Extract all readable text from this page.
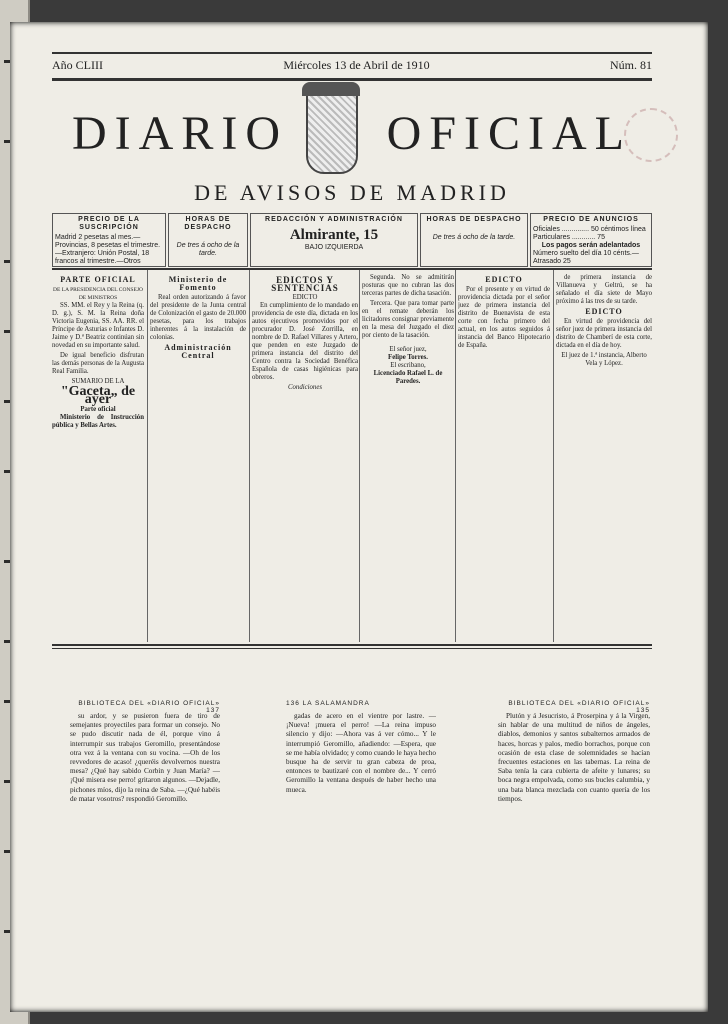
Año CLIII	Miércoles 13 de Abril de 1910	Núm. 81
DIARIO OFICIAL
DE AVISOS DE MADRID
PRECIO DE LA SUSCRIPCIÓN
Madrid 2 pesetas al mes.—Provincias, 8 pesetas el trimestre.—Extranjero: Unión Postal, 18 francos al trimestre.—Otros
HORAS DE DESPACHO
De tres á ocho de la tarde.
REDACCIÓN Y ADMINISTRACIÓN
Almirante, 15
BAJO IZQUIERDA
HORAS DE DESPACHO
De tres á ocho de la tarde.
PRECIO DE ANUNCIOS
Oficiales .............. 50 céntimos línea
Particulares ............ 75
Los pagos serán adelantados
Número suelto del día 10 cénts.—Atrasado 25
PARTE OFICIAL
DE LA PRESIDENCIA DEL CONSEJO DE MINISTROS

SS. MM. el Rey y la Reina (q. D. g.), S. M. la Reina doña Victoria Eugenia, SS. AA. RR. el Príncipe de Asturias e Infantes D. Jaime y D.ª Beatriz continúan sin novedad en su importante salud.

De igual beneficio disfrutan las demás personas de la Augusta Real Familia.

SUMARIO DE LA
"Gaceta„ de ayer
Parte oficial

Ministerio de Instrucción pública y Bellas Artes.

Ministerio de Fomento

Real orden autorizando á favor del presidente de la Junta central de Colonización el gasto de 20.000 pesetas, para los trabajos inherentes á la instalación de colonias.

Administración Central
EDICTOS Y SENTENCIAS
EDICTO

En cumplimiento de lo mandado en providencia de este día, dictada en los autos ejecutivos promovidos por el procurador D. José Zorrilla, en nombre de D. Rafael Villares y Artero, que penden en este Juzgado de primera instancia del distrito del Centro contra la Sociedad Benéfica Española de casas higiénicas para obreros.

Condiciones

Segunda. No se admitirán posturas que no cubran las dos terceras partes de dicha tasación.

Tercera. Que para tomar parte en el remate deberán los licitadores consignar previamente en la mesa del Juzgado el diez por ciento de la tasación.

El señor juez,
Felipe Torres.
El escribano,
Licenciado Rafael L. de Paredes.
EDICTO

Por el presente y en virtud de providencia dictada por el señor juez de primera instancia del distrito de Buenavista de esta corte con fecha primero del actual, en los autos seguidos á instancia del Banco Hipotecario de España.

de primera instancia de Villanueva y Geltrú, se ha señalado el día siete de Mayo próximo á las tres de su tarde.

EDICTO

En virtud de providencia del señor juez de primera instancia del distrito de Chamberí de esta corte, dictada en el día de hoy.

El juez de 1.ª instancia, Alberto Vela y López.
BIBLIOTECA DEL «DIARIO OFICIAL» 137
136 LA SALAMANDRA	BIBLIOTECA DEL «DIARIO OFICIAL» 135

su ardor, y se pusieron fuera de tiro de semejantes proyectiles para formar un consejo. No se pudo discutir nada de él, porque vino á interrumpir sus trabajos Geromillo, presentándose otra vez á la ventana con su vocina. —Oh de los revvedores de acaso! ¿queréis devolvernos nuestra mesa? ¿Qué hay sabido Corbin y Juan María? —¡Qué misera ese perro! gritaron algunos. —Dejadle, pichones míos, dijo la reina de Saba. —¿Qué habéis de matar vosotros? respondió Geromillo.

gadas de acero en el vientre por lastre. —¡Nueva! ¡muera el perro! —La reina impuso silencio y dijo: —Ahora vas á ver cómo... Y le interrumpió Geromillo, añadiendo: —Espera, que se me había olvidado; y como cuando le haya hecho busque ha de servir tu gran cabeza de proa, entonces te bautizaré con el nombre de... Y cerró Geromillo la ventana después de haber hecho una mueca.

Plutón y á Jesucristo, á Proserpina y á la Virgen, sin hablar de una multitud de niños de ángeles, diablos, demonios y santos subalternos armados de haces, horcas y palos, medio borrachos, porque con ocasión de esta clase de solemnidades se hacían frecuentes estaciones en las tabernas. La reina de Saba tenía la cara cubierta de afeite y lunares; su boca negra empolvada, como sus bucles calumbia, y una bata blanca mezclada con cuanto quería de los tiempos.
